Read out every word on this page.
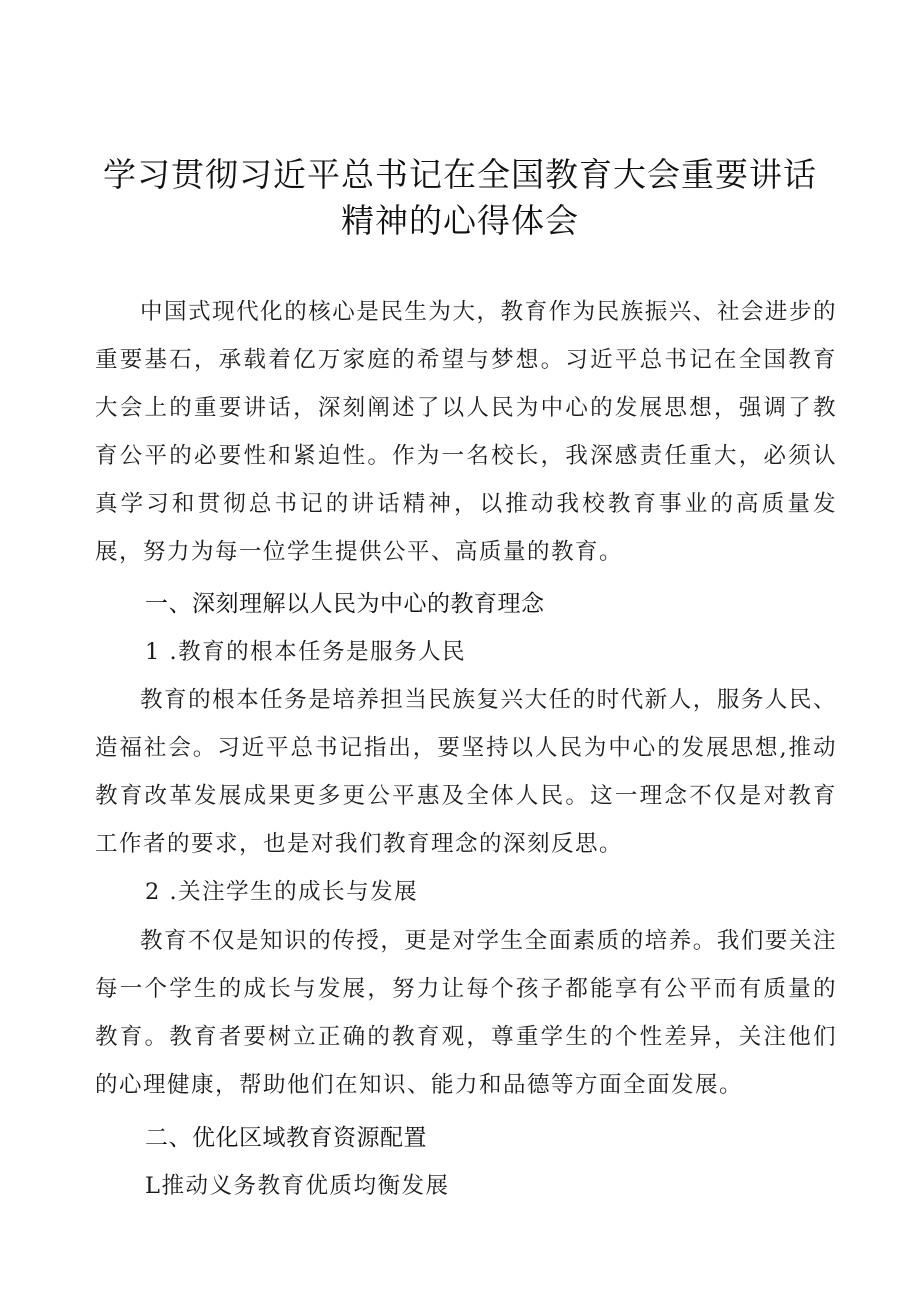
学习贯彻习近平总书记在全国教育大会重要讲话
精神的心得体会

中国式现代化的核心是民生为大，教育作为民族振兴、社会进步的重要基石，承载着亿万家庭的希望与梦想。习近平总书记在全国教育大会上的重要讲话，深刻阐述了以人民为中心的发展思想，强调了教育公平的必要性和紧迫性。作为一名校长，我深感责任重大，必须认真学习和贯彻总书记的讲话精神，以推动我校教育事业的高质量发展，努力为每一位学生提供公平、高质量的教育。

一、深刻理解以人民为中心的教育理念
1 .教育的根本任务是服务人民

教育的根本任务是培养担当民族复兴大任的时代新人，服务人民、造福社会。习近平总书记指出，要坚持以人民为中心的发展思想,推动教育改革发展成果更多更公平惠及全体人民。这一理念不仅是对教育工作者的要求，也是对我们教育理念的深刻反思。

2 .关注学生的成长与发展

教育不仅是知识的传授，更是对学生全面素质的培养。我们要关注每一个学生的成长与发展，努力让每个孩子都能享有公平而有质量的教育。教育者要树立正确的教育观，尊重学生的个性差异，关注他们的心理健康，帮助他们在知识、能力和品德等方面全面发展。

二、优化区域教育资源配置
L推动义务教育优质均衡发展
